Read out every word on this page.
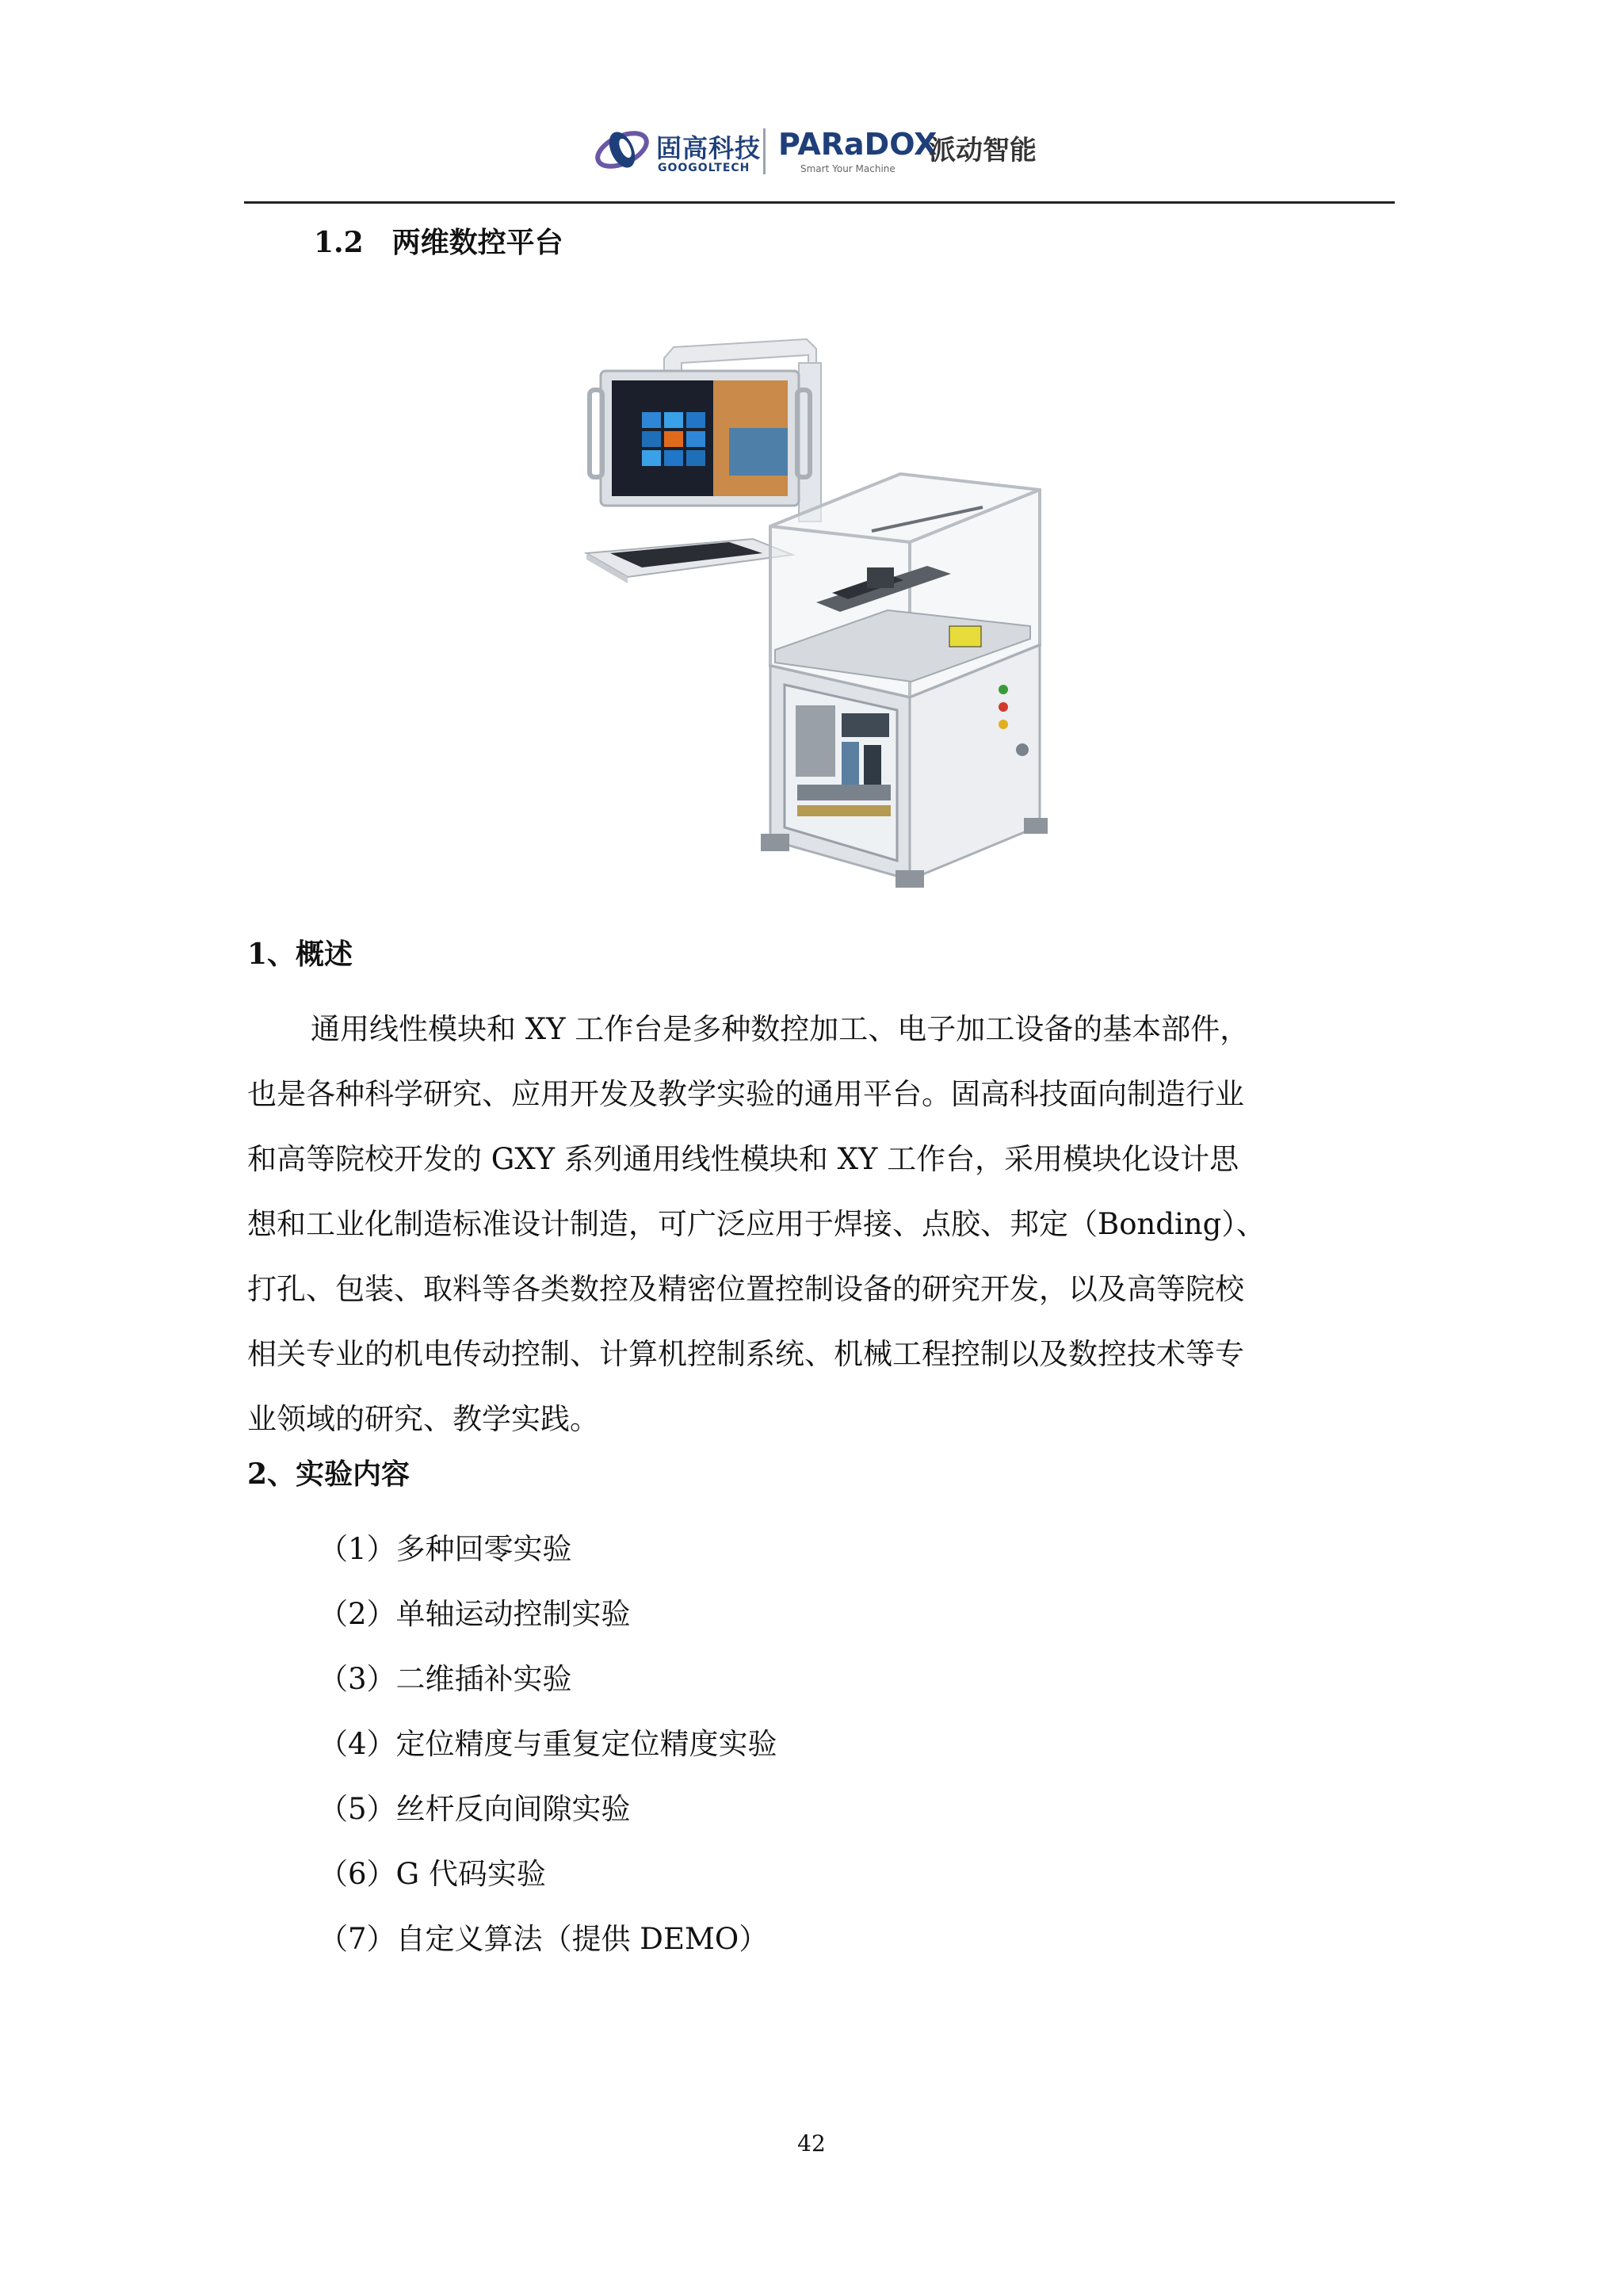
固高科技
GOOGOLTECH
PARaDOX
Smart Your Machine
派动智能
1.2 两维数控平台
1、概述
通用线性模块和 XY 工作台是多种数控加工、电子加工设备的基本部件，
也是各种科学研究、应用开发及教学实验的通用平台。固高科技面向制造行业
和高等院校开发的 GXY 系列通用线性模块和 XY 工作台，采用模块化设计思
想和工业化制造标准设计制造，可广泛应用于焊接、点胶、邦定（Bonding）、
打孔、包装、取料等各类数控及精密位置控制设备的研究开发，以及高等院校
相关专业的机电传动控制、计算机控制系统、机械工程控制以及数控技术等专
业领域的研究、教学实践。
2、实验内容
（1）多种回零实验
（2）单轴运动控制实验
（3）二维插补实验
（4）定位精度与重复定位精度实验
（5）丝杆反向间隙实验
（6）G 代码实验
（7）自定义算法（提供 DEMO）
42
